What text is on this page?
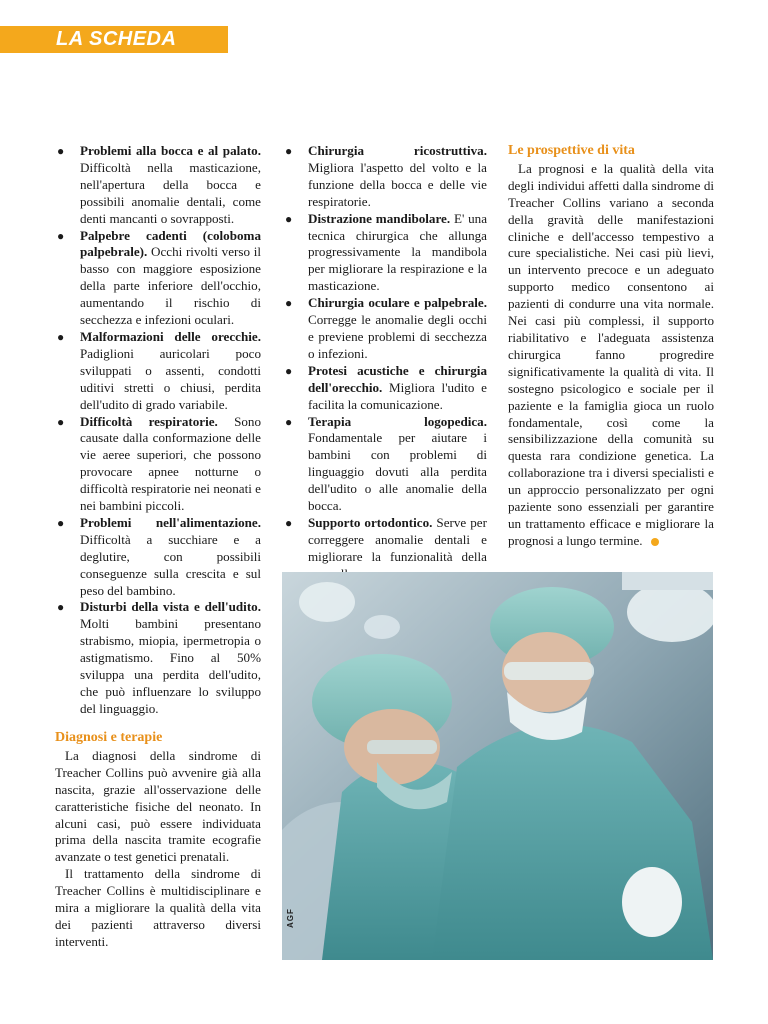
LA SCHEDA
● Problemi alla bocca e al palato. Difficoltà nella masticazione, nell'apertura della bocca e possibili anomalie dentali, come denti mancanti o sovrapposti.
● Palpebre cadenti (coloboma palpebrale). Occhi rivolti verso il basso con maggiore esposizione della parte inferiore dell'occhio, aumentando il rischio di secchezza e infezioni oculari.
● Malformazioni delle orecchie. Padiglioni auricolari poco sviluppati o assenti, condotti uditivi stretti o chiusi, perdita dell'udito di grado variabile.
● Difficoltà respiratorie. Sono causate dalla conformazione delle vie aeree superiori, che possono provocare apnee notturne o difficoltà respiratorie nei neonati e nei bambini piccoli.
● Problemi nell'alimentazione. Difficoltà a succhiare e a deglutire, con possibili conseguenze sulla crescita e sul peso del bambino.
● Disturbi della vista e dell'udito. Molti bambini presentano strabismo, miopia, ipermetropia o astigmatismo. Fino al 50% sviluppa una perdita dell'udito, che può influenzare lo sviluppo del linguaggio.
Diagnosi e terapie

La diagnosi della sindrome di Treacher Collins può avvenire già alla nascita, grazie all'osservazione delle caratteristiche fisiche del neonato. In alcuni casi, può essere individuata prima della nascita tramite ecografie avanzate o test genetici prenatali.

Il trattamento della sindrome di Treacher Collins è multidisciplinare e mira a migliorare la qualità della vita dei pazienti attraverso diversi interventi.

● Chirurgia ricostruttiva. Migliora l'aspetto del volto e la funzione della bocca e delle vie respiratorie.
● Distrazione mandibolare. E' una tecnica chirurgica che allunga progressivamente la mandibola per migliorare la respirazione e la masticazione.
● Chirurgia oculare e palpebrale. Corregge le anomalie degli occhi e previene problemi di secchezza o infezioni.
● Protesi acustiche e chirurgia dell'orecchio. Migliora l'udito e facilita la comunicazione.
● Terapia logopedica. Fondamentale per aiutare i bambini con problemi di linguaggio dovuti alla perdita dell'udito o alle anomalie della bocca.
● Supporto ortodontico. Serve per correggere anomalie dentali e migliorare la funzionalità della
Le prospettive di vita

La prognosi e la qualità della vita degli individui affetti dalla sindrome di Treacher Collins variano a seconda della gravità delle manifestazioni cliniche e dell'accesso tempestivo a cure specialistiche. Nei casi più lievi, un intervento precoce e un adeguato supporto medico consentono ai pazienti di condurre una vita normale. Nei casi più complessi, il supporto riabilitativo e l'adeguata assistenza chirurgica fanno progredire significativamente la qualità di vita. Il sostegno psicologico e sociale per il paziente e la famiglia gioca un ruolo fondamentale, così come la sensibilizzazione della comunità su questa rara condizione genetica. La collaborazione tra i diversi specialisti e un approccio personalizzato per ogni paziente sono essenziali per garantire un trattamento efficace e migliorare la prognosi a lungo termine.

AGF
